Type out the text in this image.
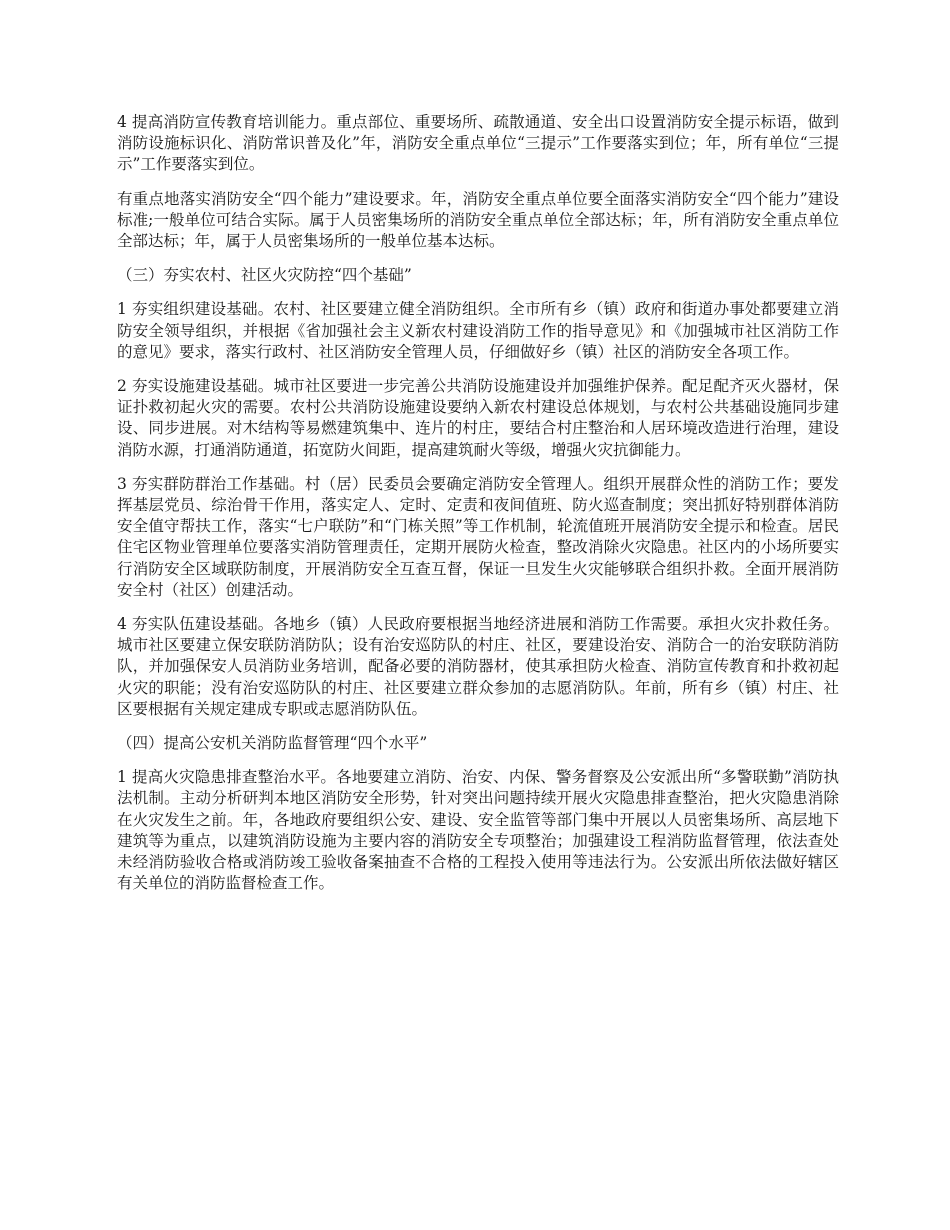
4 提高消防宣传教育培训能力。重点部位、重要场所、疏散通道、安全出口设置消防安全提示标语，做到消防设施标识化、消防常识普及化”年，消防安全重点单位“三提示”工作要落实到位；年，所有单位“三提示”工作要落实到位。

有重点地落实消防安全“四个能力”建设要求。年，消防安全重点单位要全面落实消防安全“四个能力”建设标准;一般单位可结合实际。属于人员密集场所的消防安全重点单位全部达标；年，所有消防安全重点单位全部达标；年，属于人员密集场所的一般单位基本达标。

（三）夯实农村、社区火灾防控“四个基础”

1 夯实组织建设基础。农村、社区要建立健全消防组织。全市所有乡（镇）政府和街道办事处都要建立消防安全领导组织，并根据《省加强社会主义新农村建设消防工作的指导意见》和《加强城市社区消防工作的意见》要求，落实行政村、社区消防安全管理人员，仔细做好乡（镇）社区的消防安全各项工作。

2 夯实设施建设基础。城市社区要进一步完善公共消防设施建设并加强维护保养。配足配齐灭火器材，保证扑救初起火灾的需要。农村公共消防设施建设要纳入新农村建设总体规划，与农村公共基础设施同步建设、同步进展。对木结构等易燃建筑集中、连片的村庄，要结合村庄整治和人居环境改造进行治理，建设消防水源，打通消防通道，拓宽防火间距，提高建筑耐火等级，增强火灾抗御能力。

3 夯实群防群治工作基础。村（居）民委员会要确定消防安全管理人。组织开展群众性的消防工作；要发挥基层党员、综治骨干作用，落实定人、定时、定责和夜间值班、防火巡查制度；突出抓好特别群体消防安全值守帮扶工作，落实“七户联防”和“门栋关照”等工作机制，轮流值班开展消防安全提示和检查。居民住宅区物业管理单位要落实消防管理责任，定期开展防火检查，整改消除火灾隐患。社区内的小场所要实行消防安全区域联防制度，开展消防安全互查互督，保证一旦发生火灾能够联合组织扑救。全面开展消防安全村（社区）创建活动。

4 夯实队伍建设基础。各地乡（镇）人民政府要根据当地经济进展和消防工作需要。承担火灾扑救任务。城市社区要建立保安联防消防队；设有治安巡防队的村庄、社区，要建设治安、消防合一的治安联防消防队，并加强保安人员消防业务培训，配备必要的消防器材，使其承担防火检查、消防宣传教育和扑救初起火灾的职能；没有治安巡防队的村庄、社区要建立群众参加的志愿消防队。年前，所有乡（镇）村庄、社区要根据有关规定建成专职或志愿消防队伍。

（四）提高公安机关消防监督管理“四个水平”

1 提高火灾隐患排查整治水平。各地要建立消防、治安、内保、警务督察及公安派出所“多警联勤”消防执法机制。主动分析研判本地区消防安全形势，针对突出问题持续开展火灾隐患排查整治，把火灾隐患消除在火灾发生之前。年，各地政府要组织公安、建设、安全监管等部门集中开展以人员密集场所、高层地下建筑等为重点，以建筑消防设施为主要内容的消防安全专项整治；加强建设工程消防监督管理，依法查处未经消防验收合格或消防竣工验收备案抽查不合格的工程投入使用等违法行为。公安派出所依法做好辖区有关单位的消防监督检查工作。
